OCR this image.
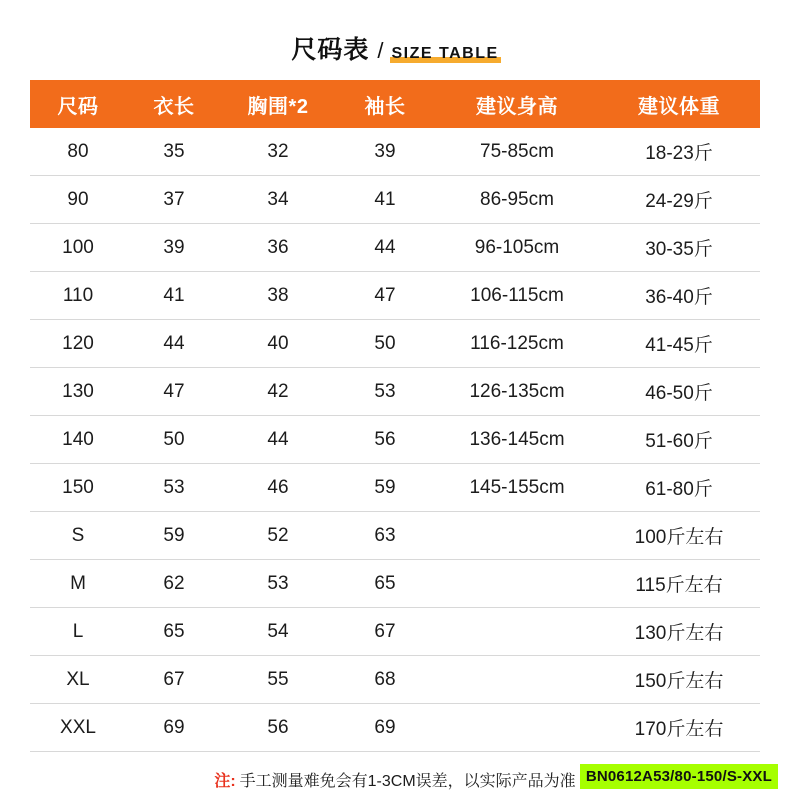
尺码表 / SIZE TABLE
尺码	衣长	胸围*2	袖长	建议身高	建议体重
80	35	32	39	75-85cm	18-23斤
90	37	34	41	86-95cm	24-29斤
100	39	36	44	96-105cm	30-35斤
110	41	38	47	106-115cm	36-40斤
120	44	40	50	116-125cm	41-45斤
130	47	42	53	126-135cm	46-50斤
140	50	44	56	136-145cm	51-60斤
150	53	46	59	145-155cm	61-80斤
S	59	52	63		100斤左右
M	62	53	65		115斤左右
L	65	54	67		130斤左右
XL	67	55	68		150斤左右
XXL	69	56	69		170斤左右
注: 手工测量难免会有1-3CM误差，以实际产品为准 BN0612A53/80-150/S-XXL
